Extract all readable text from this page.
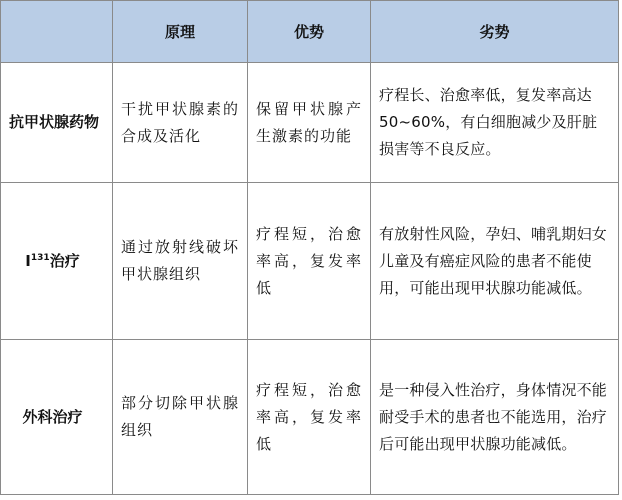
	原理	优势	劣势
抗甲状腺药物	干扰甲状腺素的合成及活化	保留甲状腺产生激素的功能	疗程长、治愈率低，复发率高达50~60%，有白细胞减少及肝脏损害等不良反应。
$I^{131}$治疗	通过放射线破坏甲状腺组织	疗程短，治愈率高，复发率低	有放射性风险，孕妇、哺乳期妇女儿童及有癌症风险的患者不能使用，可能出现甲状腺功能减低。
外科治疗	部分切除甲状腺组织	疗程短，治愈率高，复发率低	是一种侵入性治疗，身体情况不能耐受手术的患者也不能选用，治疗后可能出现甲状腺功能减低。
